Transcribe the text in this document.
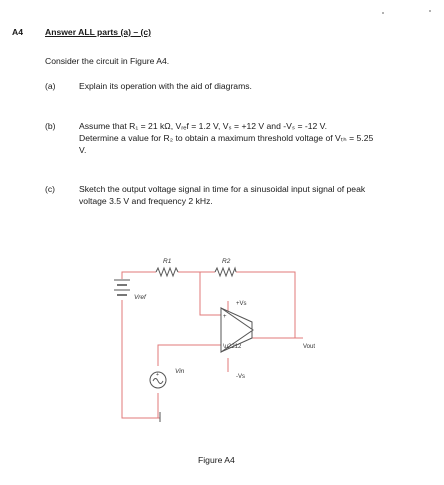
A4	Answer ALL parts (a) – (c)
Consider the circuit in Figure A4.
(a)	Explain its operation with the aid of diagrams.
(b)	Assume that R₁ = 21 kΩ, Vᵣₑf = 1.2 V, Vₛ = +12 V and -Vₛ = -12 V.
Determine a value for R₂ to obtain a maximum threshold voltage of Vₜₕ = 5.25
V.
(c)	Sketch the output voltage signal in time for a sinusoidal input signal of peak
voltage 3.5 V and frequency 2 kHz.
+
\u2212
+
R1	R2
Vref
Vin
+Vs
-Vs
Vout
Figure A4
